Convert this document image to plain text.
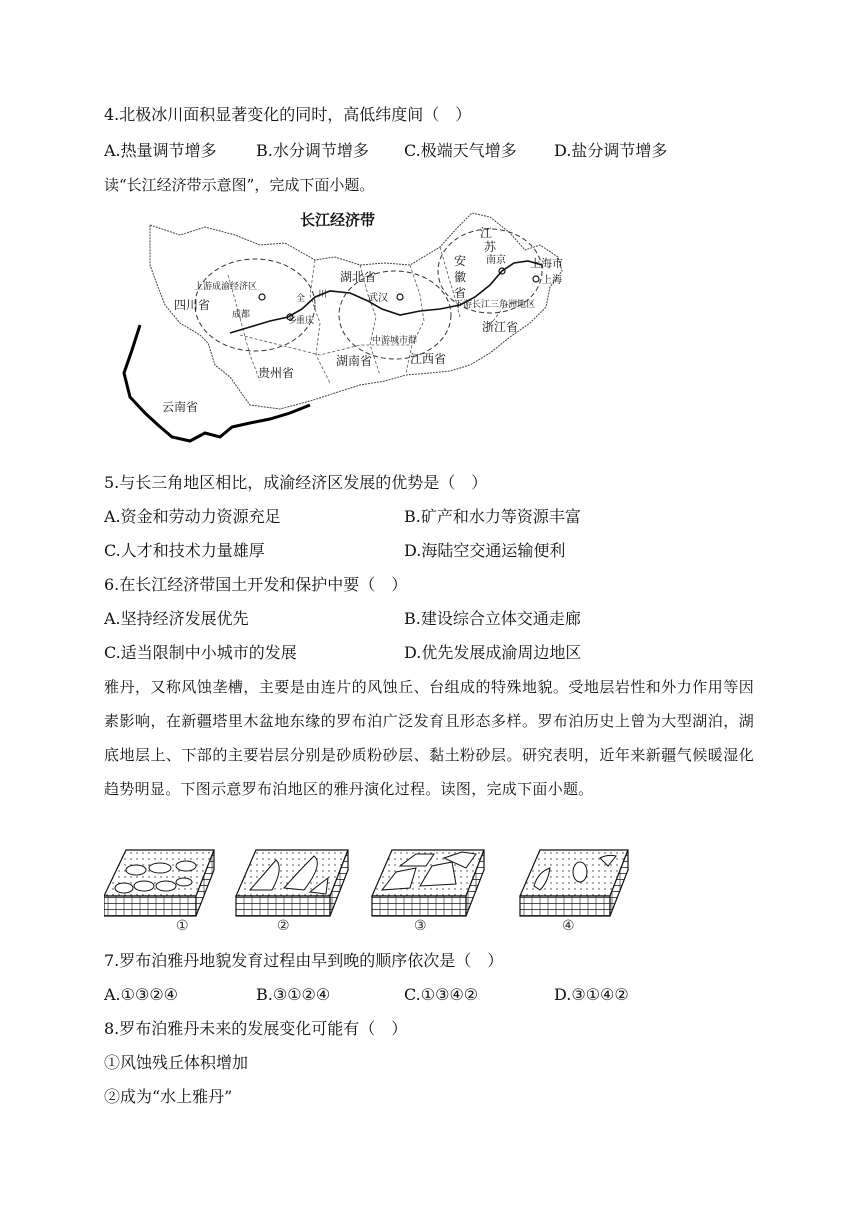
4.北极冰川面积显著变化的同时，高低纬度间（　）
A.热量调节增多 B.水分调节增多 C.极端天气增多 D.盐分调节增多
读“长江经济带示意图”，完成下面小题。
长江经济带
四川省
上游成渝经济区
成都
重庆
全
乡
川
湖北省
武汉
中游城市群
湖南省	江西省
贵州省
云南省
安
徽
省
江
苏
南京 上海市
上海
下游长江三角洲地区
浙江省
5.与长三角地区相比，成渝经济区发展的优势是（　）
A.资金和劳动力资源充足	B.矿产和水力等资源丰富
C.人才和技术力量雄厚	D.海陆空交通运输便利
6.在长江经济带国土开发和保护中要（　）
A.坚持经济发展优先	B.建设综合立体交通走廊
C.适当限制中小城市的发展	D.优先发展成渝周边地区
雅丹，又称风蚀垄槽，主要是由连片的风蚀丘、台组成的特殊地貌。受地层岩性和外力作用等因素影响，在新疆塔里木盆地东缘的罗布泊广泛发育且形态多样。罗布泊历史上曾为大型湖泊，湖底地层上、下部的主要岩层分别是砂质粉砂层、黏土粉砂层。研究表明，近年来新疆气候暖湿化趋势明显。下图示意罗布泊地区的雅丹演化过程。读图，完成下面小题。
①	②	③	④
7.罗布泊雅丹地貌发育过程由早到晚的顺序依次是（　）
A.①③②④	B.③①②④	C.①③④②	D.③①④②
8.罗布泊雅丹未来的发展变化可能有（　）
①风蚀残丘体积增加
②成为“水上雅丹”
